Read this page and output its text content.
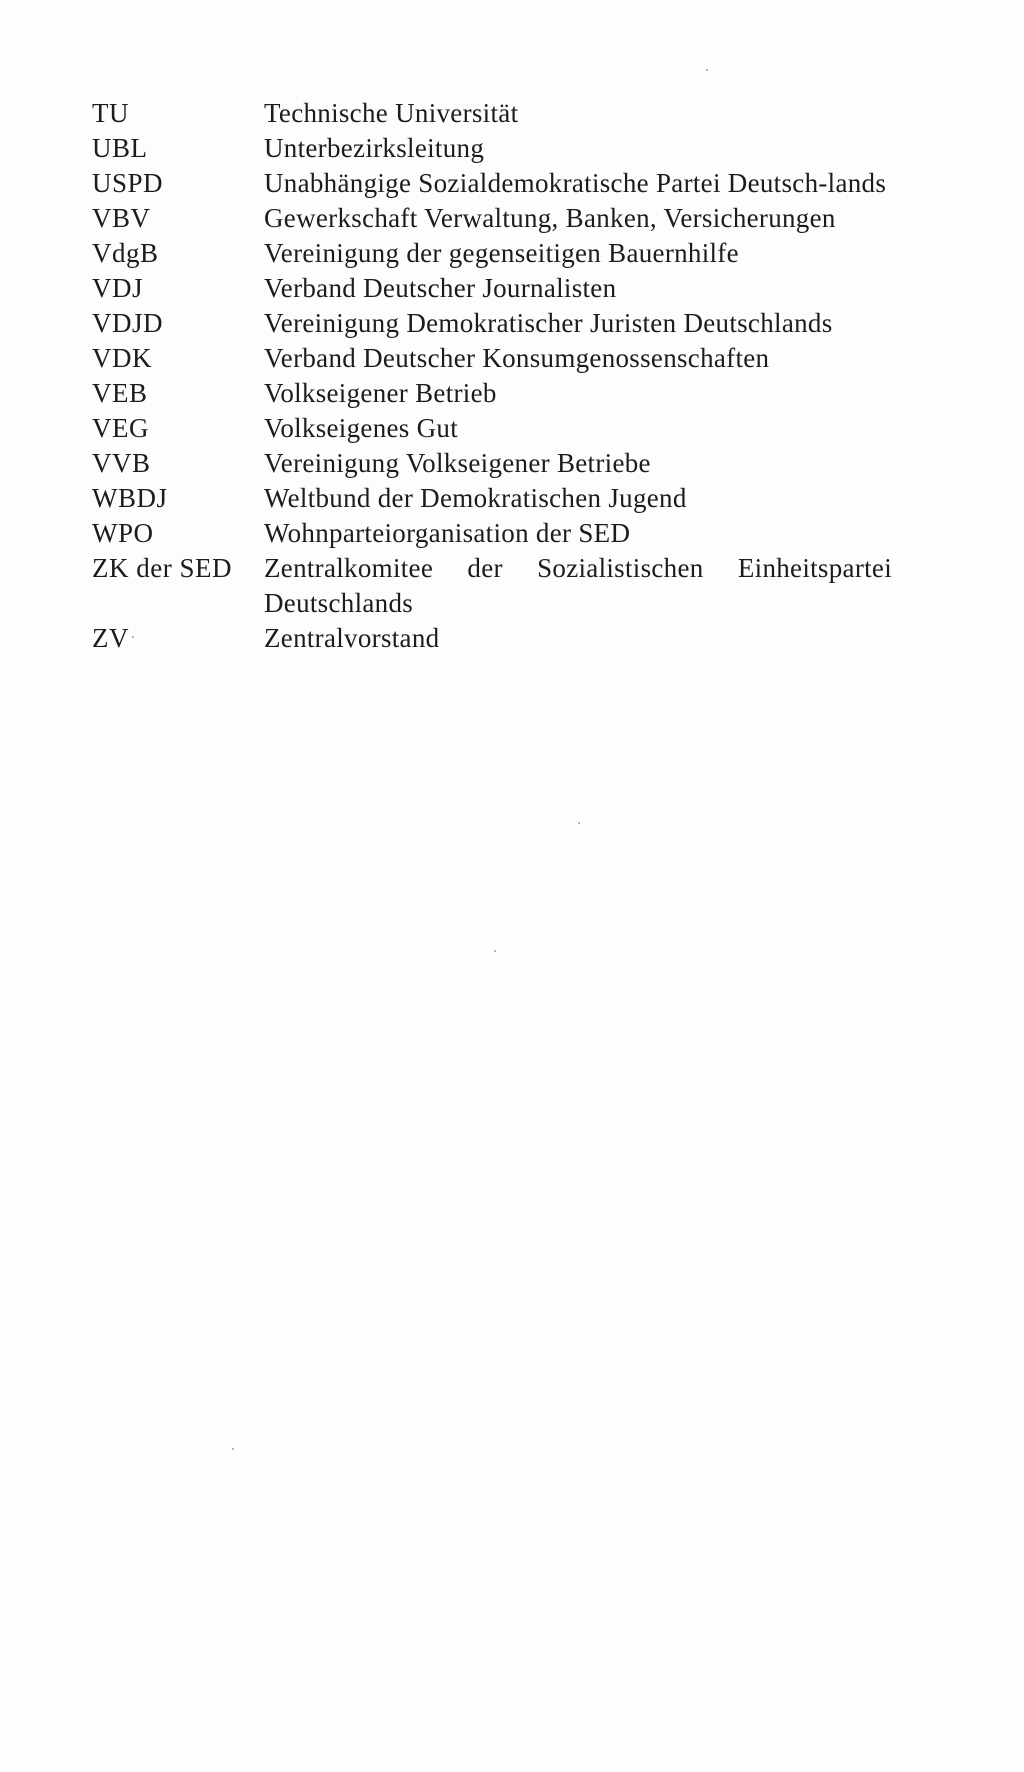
TU	Technische Universität
UBL	Unterbezirksleitung
USPD	Unabhängige Sozialdemokratische Partei Deutsch-lands
VBV	Gewerkschaft Verwaltung, Banken, Versicherungen
VdgB	Vereinigung der gegenseitigen Bauernhilfe
VDJ	Verband Deutscher Journalisten
VDJD	Vereinigung Demokratischer Juristen Deutschlands
VDK	Verband Deutscher Konsumgenossenschaften
VEB	Volkseigener Betrieb
VEG	Volkseigenes Gut
VVB	Vereinigung Volkseigener Betriebe
WBDJ	Weltbund der Demokratischen Jugend
WPO	Wohnparteiorganisation der SED
ZK der SED	Zentralkomitee der Sozialistischen Einheitspartei Deutschlands
ZV	Zentralvorstand
